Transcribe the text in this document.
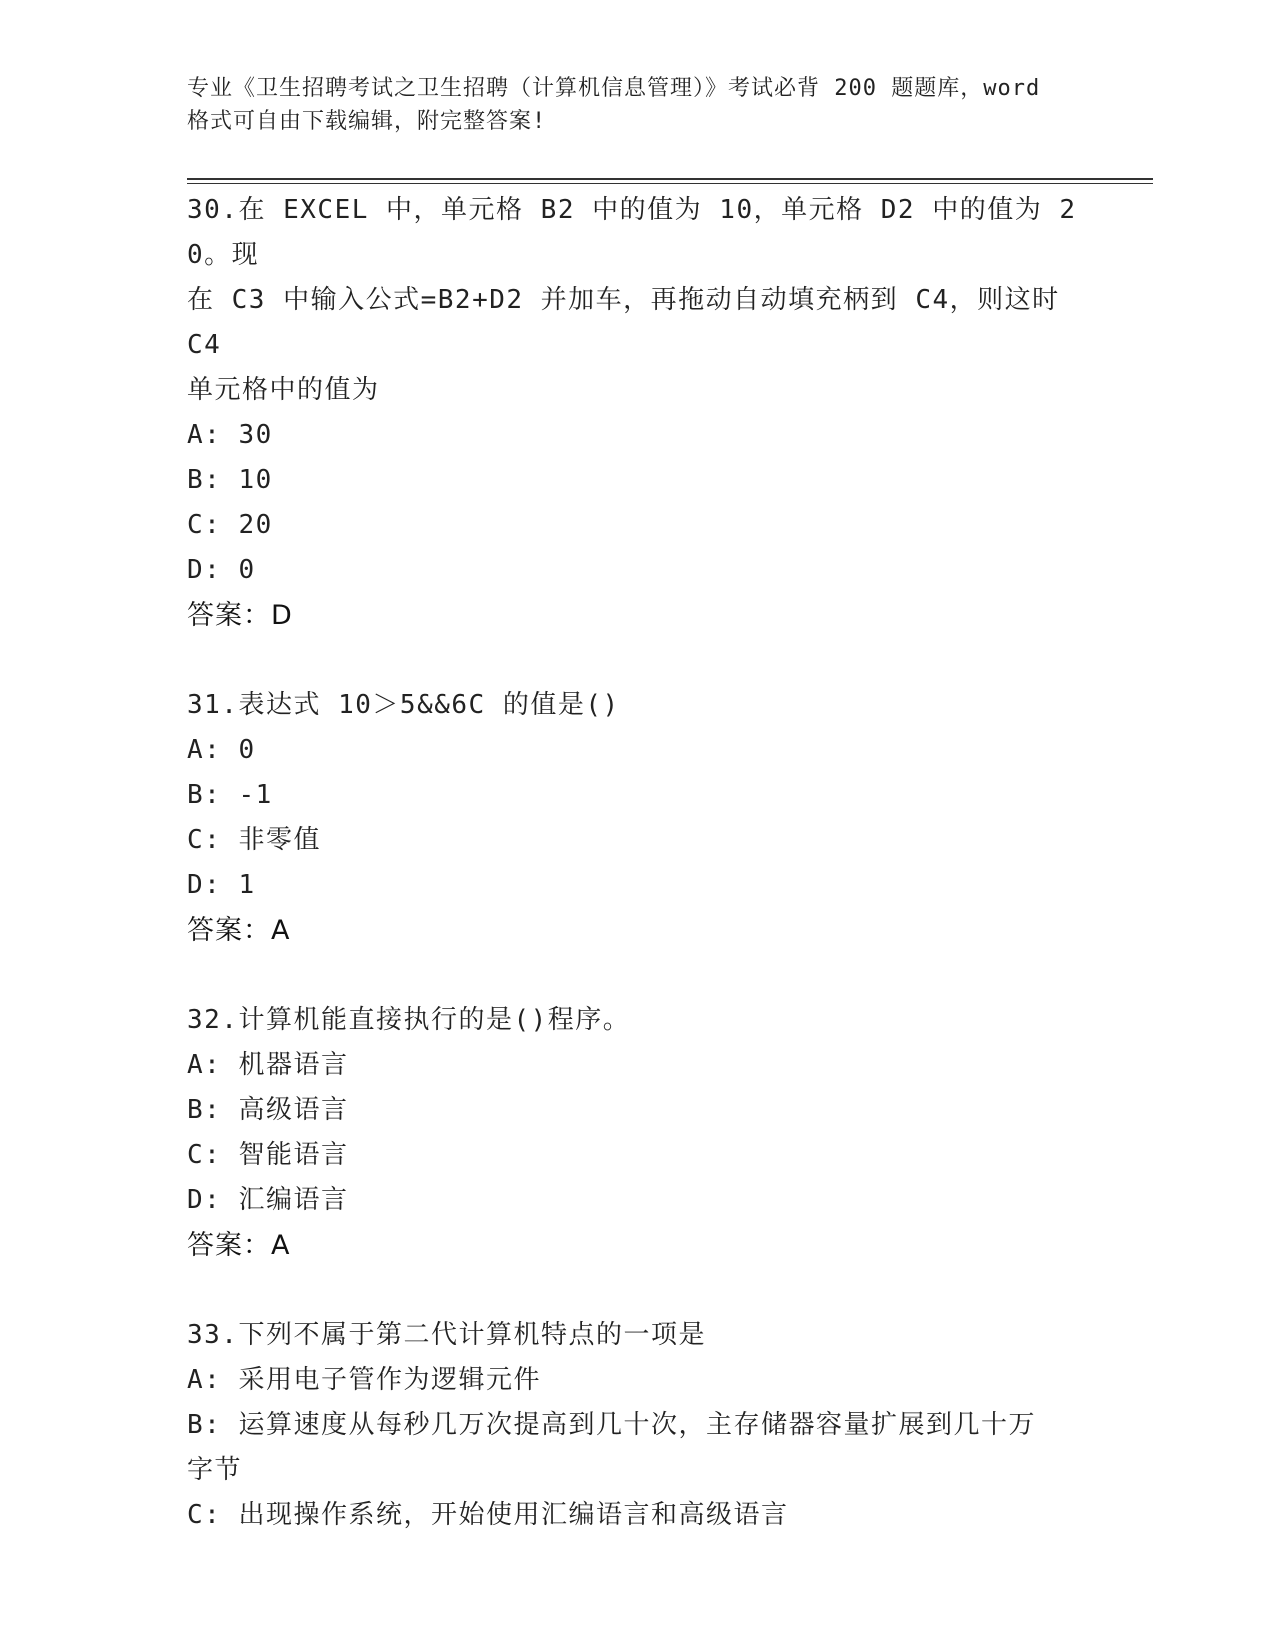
专业《卫生招聘考试之卫生招聘（计算机信息管理）》考试必背 200 题题库，word
格式可自由下载编辑，附完整答案!
30.在 EXCEL 中，单元格 B2 中的值为 10，单元格 D2 中的值为 20。现
在 C3 中输入公式=B2+D2 并加车，再拖动自动填充柄到 C4，则这时 C4
单元格中的值为
A: 30
B: 10
C: 20
D: 0
答案：D
31.表达式 10＞5&&6C 的值是()
A: 0
B: -1
C: 非零值
D: 1
答案：A
32.计算机能直接执行的是()程序。
A: 机器语言
B: 高级语言
C: 智能语言
D: 汇编语言
答案：A
33.下列不属于第二代计算机特点的一项是
A: 采用电子管作为逻辑元件
B: 运算速度从每秒几万次提高到几十次，主存储器容量扩展到几十万
字节
C: 出现操作系统，开始使用汇编语言和高级语言
